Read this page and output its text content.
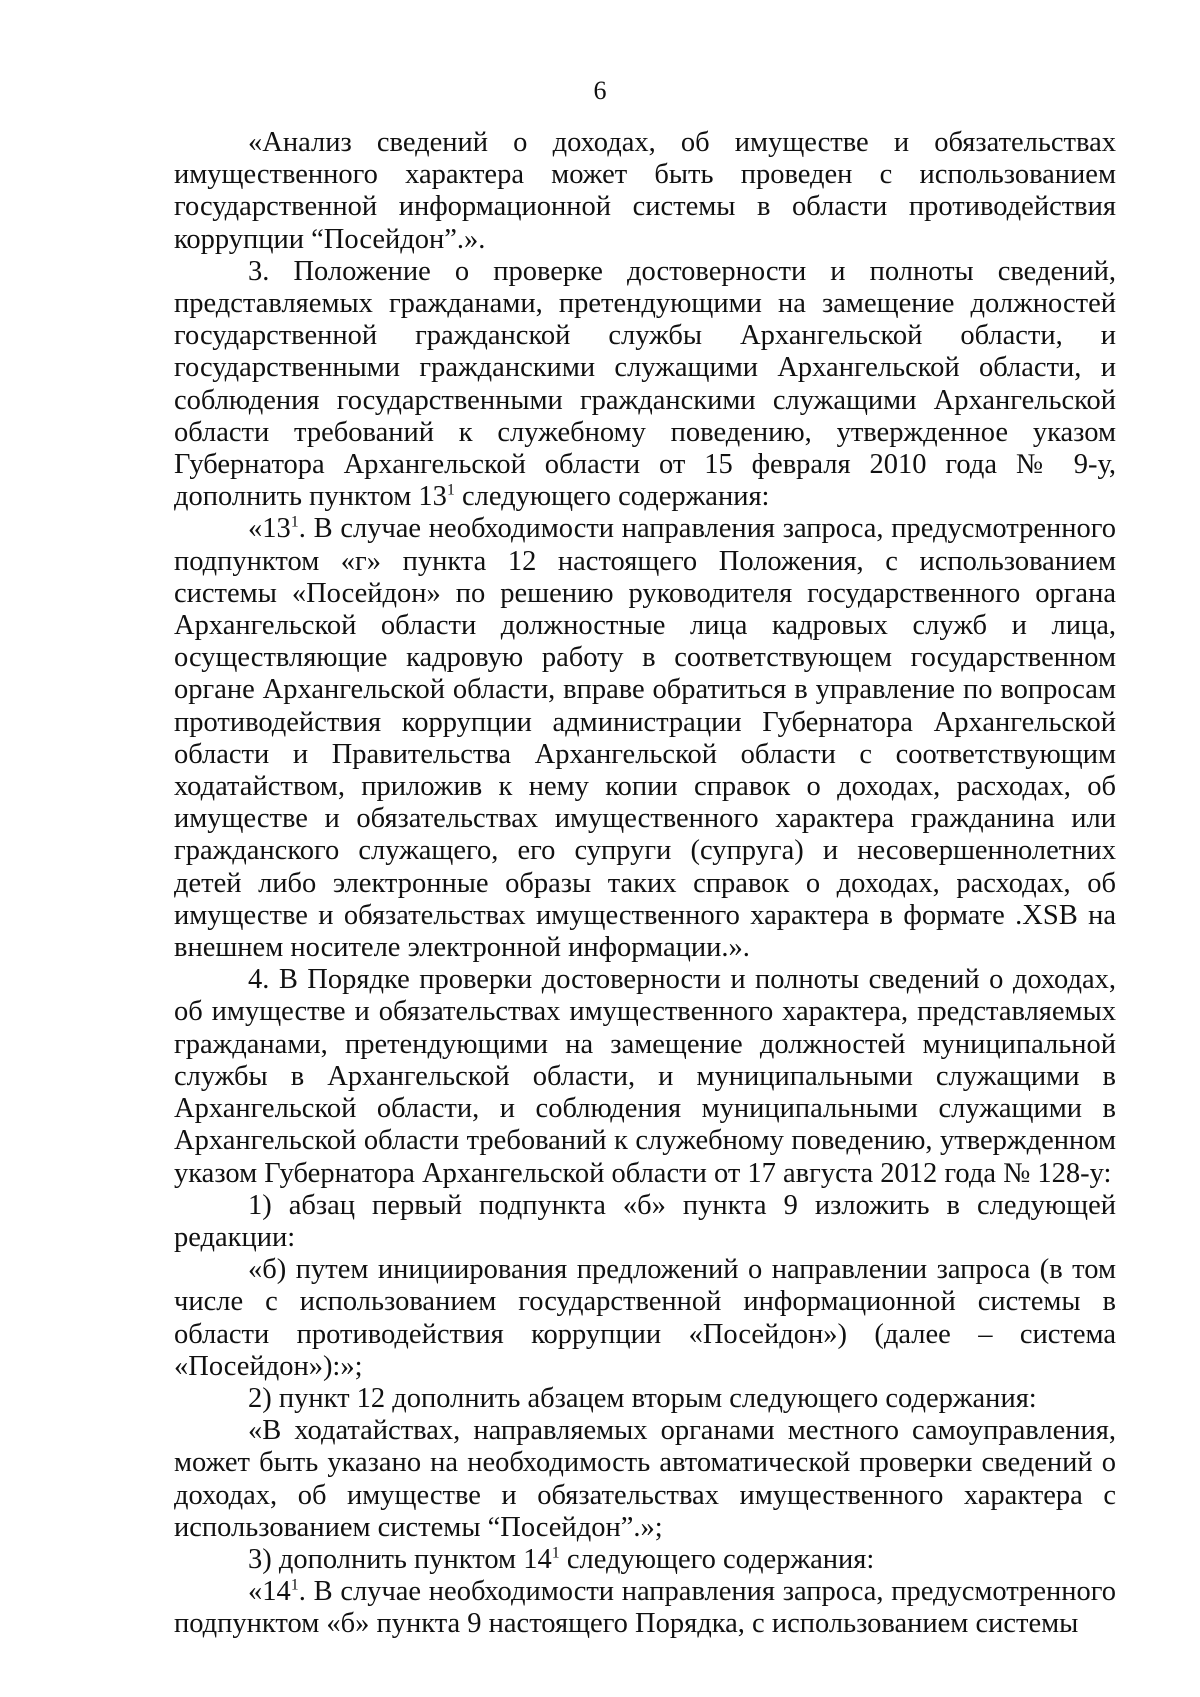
6

«Анализ сведений о доходах, об имуществе и обязательствах имущественного характера может быть проведен с использованием государственной информационной системы в области противодействия коррупции “Посейдон”.».

3. Положение о проверке достоверности и полноты сведений, представляемых гражданами, претендующими на замещение должностей государственной гражданской службы Архангельской области, и государственными гражданскими служащими Архангельской области, и соблюдения государственными гражданскими служащими Архангельской области требований к служебному поведению, утвержденное указом Губернатора Архангельской области от 15 февраля 2010 года № 9-у, дополнить пунктом $13^1$ следующего содержания:

«$13^1$. В случае необходимости направления запроса, предусмотренного подпунктом «г» пункта 12 настоящего Положения, с использованием системы «Посейдон» по решению руководителя государственного органа Архангельской области должностные лица кадровых служб и лица, осуществляющие кадровую работу в соответствующем государственном органе Архангельской области, вправе обратиться в управление по вопросам противодействия коррупции администрации Губернатора Архангельской области и Правительства Архангельской области с соответствующим ходатайством, приложив к нему копии справок о доходах, расходах, об имуществе и обязательствах имущественного характера гражданина или гражданского служащего, его супруги (супруга) и несовершеннолетних детей либо электронные образы таких справок о доходах, расходах, об имуществе и обязательствах имущественного характера в формате .XSB на внешнем носителе электронной информации.».

4. В Порядке проверки достоверности и полноты сведений о доходах, об имуществе и обязательствах имущественного характера, представляемых гражданами, претендующими на замещение должностей муниципальной службы в Архангельской области, и муниципальными служащими в Архангельской области, и соблюдения муниципальными служащими в Архангельской области требований к служебному поведению, утвержденном указом Губернатора Архангельской области от 17 августа 2012 года № 128-у:

1) абзац первый подпункта «б» пункта 9 изложить в следующей редакции:

«б) путем инициирования предложений о направлении запроса (в том числе с использованием государственной информационной системы в области противодействия коррупции «Посейдон») (далее – система «Посейдон»):»;

2) пункт 12 дополнить абзацем вторым следующего содержания:

«В ходатайствах, направляемых органами местного самоуправления, может быть указано на необходимость автоматической проверки сведений о доходах, об имуществе и обязательствах имущественного характера с использованием системы “Посейдон”.»;

3) дополнить пунктом $14^1$ следующего содержания:

«$14^1$. В случае необходимости направления запроса, предусмотренного подпунктом «б» пункта 9 настоящего Порядка, с использованием системы
